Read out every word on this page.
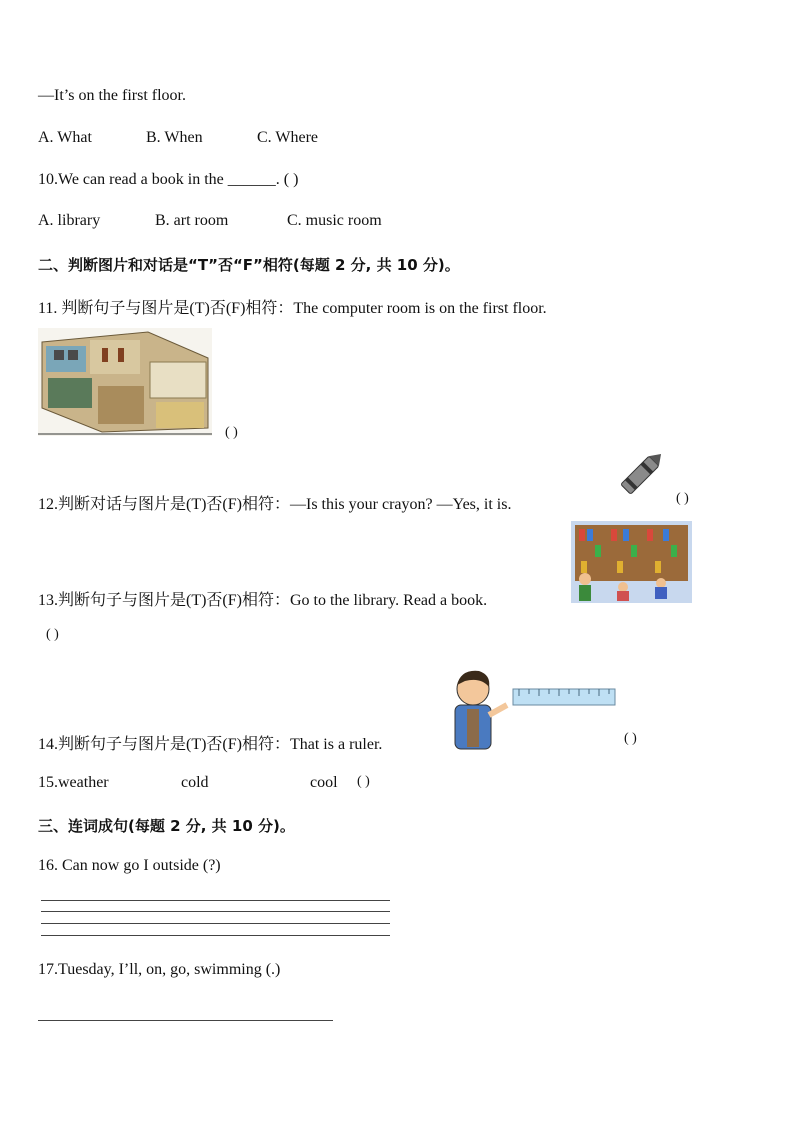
—It’s on the first floor.
A. What	B. When	C. Where
10.We can read a book in the ______. ( )
A. library	B. art room	C. music room
二、判断图片和对话是“T”否“F”相符(每题 2 分, 共 10 分)。
11. 判断句子与图片是(T)否(F)相符：The computer room is on the first floor.
( )
12.判断对话与图片是(T)否(F)相符：—Is this your crayon? —Yes, it is.	( )
13.判断句子与图片是(T)否(F)相符：Go to the library. Read a book.
( )
14.判断句子与图片是(T)否(F)相符：That is a ruler.	( )
15.weather	cold	cool ( )
三、连词成句(每题 2 分, 共 10 分)。
16. Can now go I outside (?)
17.Tuesday, I’ll, on, go, swimming (.)
